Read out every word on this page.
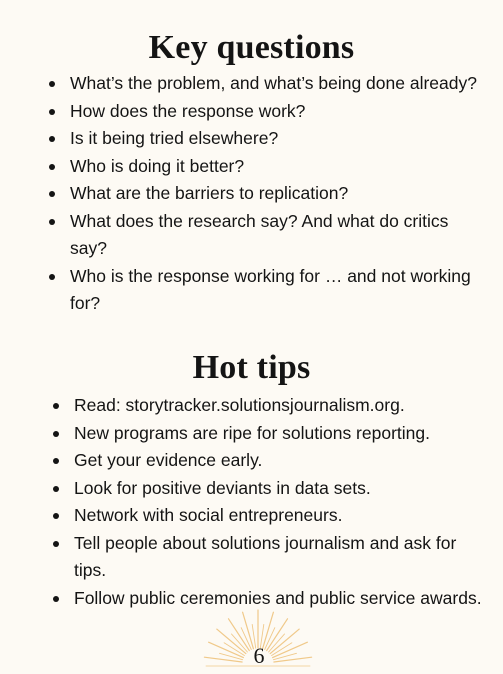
Key questions
What’s the problem, and what’s being done already?
How does the response work?
Is it being tried elsewhere?
Who is doing it better?
What are the barriers to replication?
What does the research say? And what do critics say?
Who is the response working for … and not working for?
Hot tips
Read: storytracker.solutionsjournalism.org.
New programs are ripe for solutions reporting.
Get your evidence early.
Look for positive deviants in data sets.
Network with social entrepreneurs.
Tell people about solutions journalism and ask for tips.
Follow public ceremonies and public service awards.
6
